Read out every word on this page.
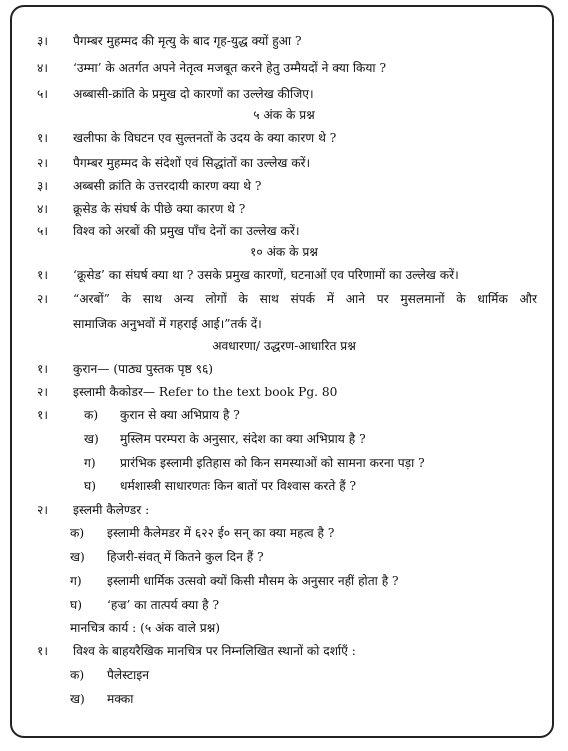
३। पैगम्बर मुहम्मद की मृत्यु के बाद गृह-युद्ध क्यों हुआ ?
४। ‘उम्मा’ के अतर्गत अपने नेतृत्व मजबूत करने हेतु उम्मैयदों ने क्या किया ?
५। अब्बासी-क्रांति के प्रमुख दो कारणों का उल्लेख कीजिए।
५ अंक के प्रश्न
१। खलीफा के विघटन एव सुल्तनतों के उदय के क्या कारण थे ?
२। पैगम्बर मुहम्मद के संदेशों एवं सिद्धांतों का उल्लेख करें।
३। अब्बसी क्रांति के उत्तरदायी कारण क्या थे ?
४। क्रूसेड के संघर्ष के पीछे क्या कारण थे ?
५। विश्व को अरबों की प्रमुख पाँच देनों का उल्लेख करें।
१० अंक के प्रश्न
१। ‘क्रूसेड’ का संघर्ष क्या था ? उसके प्रमुख कारणों, घटनाओं एव परिणामों का उल्लेख करें।
२। “अरबों” के साथ अन्य लोगों के साथ संपर्क में आने पर मुसलमानों के धार्मिक और
सामाजिक अनुभवों में गहराई आई।”तर्क दें।
अवधारणा/ उद्धरण-आधारित प्रश्न
१। कुरान— (पाठ्य पुस्तक पृष्ठ ९६)
२। इस्लामी कैकोडर— Refer to the text book Pg. 80
१।	क) कुरान से क्या अभिप्राय है ?
ख) मुस्लिम परम्परा के अनुसार, संदेश का क्या अभिप्राय है ?
ग) प्रारंभिक इस्लामी इतिहास को किन समस्याओं को सामना करना पड़ा ?
घ) धर्मशास्त्री साधारणतः किन बातों पर विश्वास करते हैं ?
२। इस्लमी कैलेण्डर :
क) इस्लामी कैलेमडर में ६२२ ई० सन् का क्या महत्व है ?
ख) हिजरी-संवत् में कितने कुल दिन हैं ?
ग) इस्लामी धार्मिक उत्सवो क्यों किसी मौसम के अनुसार नहीं होता है ?
घ) ‘हज्र’ का तात्पर्य क्या है ?
मानचित्र कार्य : (५ अंक वाले प्रश्न)
१। विश्व के बाहयरैखिक मानचित्र पर निम्नलिखित स्थानों को दर्शाएँ :
क) पैलेस्टाइन
ख) मक्का
